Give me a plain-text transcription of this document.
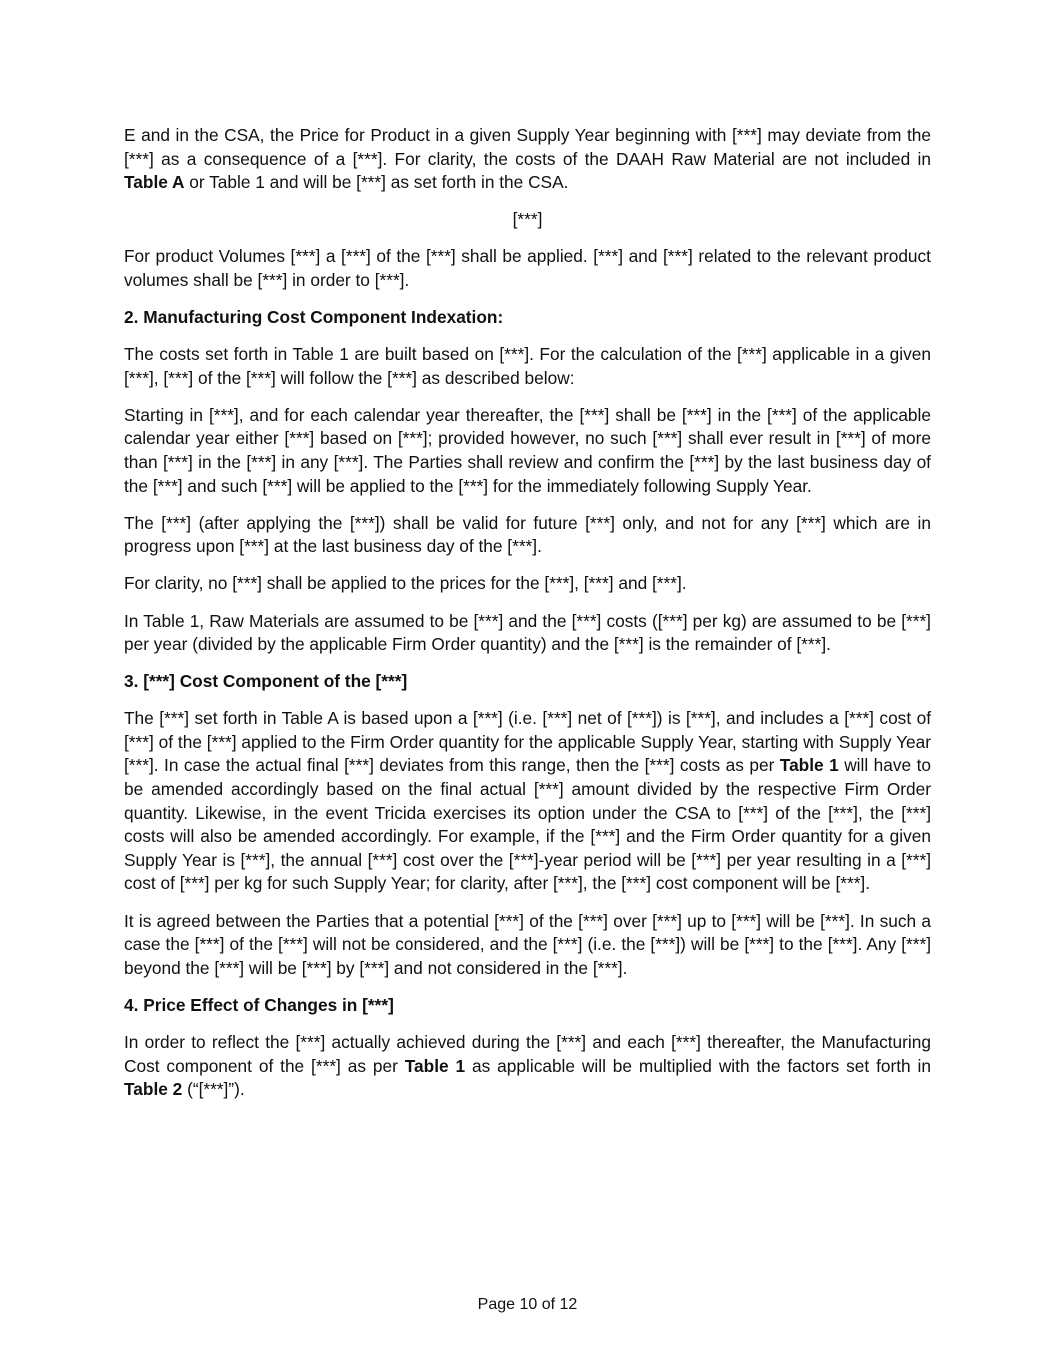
E and in the CSA, the Price for Product in a given Supply Year beginning with [***] may deviate from the [***] as a consequence of a [***]. For clarity, the costs of the DAAH Raw Material are not included in Table A or Table 1 and will be [***] as set forth in the CSA.

[***]

For product Volumes [***] a [***] of the [***] shall be applied. [***] and [***] related to the relevant product volumes shall be [***] in order to [***].

2. Manufacturing Cost Component Indexation:

The costs set forth in Table 1 are built based on [***]. For the calculation of the [***] applicable in a given [***], [***] of the [***] will follow the [***] as described below:

Starting in [***], and for each calendar year thereafter, the [***] shall be [***] in the [***] of the applicable calendar year either [***] based on [***]; provided however, no such [***] shall ever result in [***] of more than [***] in the [***] in any [***]. The Parties shall review and confirm the [***] by the last business day of the [***] and such [***] will be applied to the [***] for the immediately following Supply Year.

The [***] (after applying the [***]) shall be valid for future [***] only, and not for any [***] which are in progress upon [***] at the last business day of the [***].

For clarity, no [***] shall be applied to the prices for the [***], [***] and [***].

In Table 1, Raw Materials are assumed to be [***] and the [***] costs ([***] per kg) are assumed to be [***] per year (divided by the applicable Firm Order quantity) and the [***] is the remainder of [***].

3. [***] Cost Component of the [***]

The [***] set forth in Table A is based upon a [***] (i.e. [***] net of [***]) is [***], and includes a [***] cost of [***] of the [***] applied to the Firm Order quantity for the applicable Supply Year, starting with Supply Year [***]. In case the actual final [***] deviates from this range, then the [***] costs as per Table 1 will have to be amended accordingly based on the final actual [***] amount divided by the respective Firm Order quantity. Likewise, in the event Tricida exercises its option under the CSA to [***] of the [***], the [***] costs will also be amended accordingly. For example, if the [***] and the Firm Order quantity for a given Supply Year is [***], the annual [***] cost over the [***]-year period will be [***] per year resulting in a [***] cost of [***] per kg for such Supply Year; for clarity, after [***], the [***] cost component will be [***].

It is agreed between the Parties that a potential [***] of the [***] over [***] up to [***] will be [***]. In such a case the [***] of the [***] will not be considered, and the [***] (i.e. the [***]) will be [***] to the [***]. Any [***] beyond the [***] will be [***] by [***] and not considered in the [***].

4. Price Effect of Changes in [***]

In order to reflect the [***] actually achieved during the [***] and each [***] thereafter, the Manufacturing Cost component of the [***] as per Table 1 as applicable will be multiplied with the factors set forth in Table 2 (“[***]”).

Page 10 of 12
